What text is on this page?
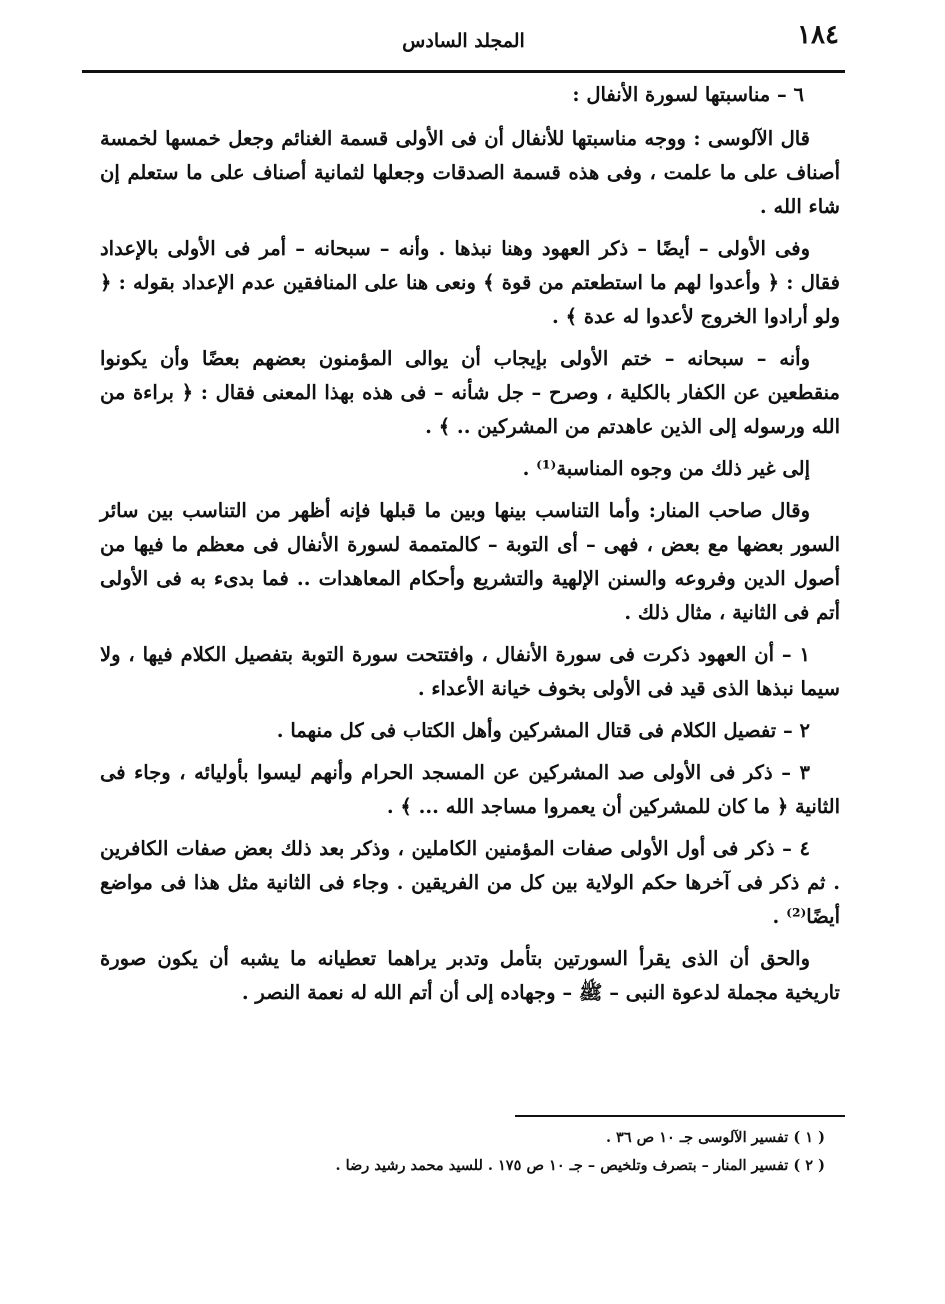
١٨٤
المجلد السادس

٦ – مناسبتها لسورة الأنفال :

قال الآلوسى : ووجه مناسبتها للأنفال أن فى الأولى قسمة الغنائم وجعل خمسها لخمسة أصناف على ما علمت ، وفى هذه قسمة الصدقات وجعلها لثمانية أصناف على ما ستعلم إن شاء الله .

وفى الأولى – أيضًا – ذكر العهود وهنا نبذها . وأنه – سبحانه – أمر فى الأولى بالإعداد فقال : ﴿ وأعدوا لهم ما استطعتم من قوة ﴾ ونعى هنا على المنافقين عدم الإعداد بقوله : ﴿ ولو أرادوا الخروج لأعدوا له عدة ﴾ .

وأنه – سبحانه – ختم الأولى بإيجاب أن يوالى المؤمنون بعضهم بعضًا وأن يكونوا منقطعين عن الكفار بالكلية ، وصرح – جل شأنه – فى هذه بهذا المعنى فقال : ﴿ براءة من الله ورسوله إلى الذين عاهدتم من المشركين .. ﴾ .

إلى غير ذلك من وجوه المناسبة⁽¹⁾ .

وقال صاحب المنار: وأما التناسب بينها وبين ما قبلها فإنه أظهر من التناسب بين سائر السور بعضها مع بعض ، فهى – أى التوبة – كالمتممة لسورة الأنفال فى معظم ما فيها من أصول الدين وفروعه والسنن الإلهية والتشريع وأحكام المعاهدات .. فما بدىء به فى الأولى أتم فى الثانية ، مثال ذلك .

١ – أن العهود ذكرت فى سورة الأنفال ، وافتتحت سورة التوبة بتفصيل الكلام فيها ، ولا سيما نبذها الذى قيد فى الأولى بخوف خيانة الأعداء .

٢ – تفصيل الكلام فى قتال المشركين وأهل الكتاب فى كل منهما .

٣ – ذكر فى الأولى صد المشركين عن المسجد الحرام وأنهم ليسوا بأوليائه ، وجاء فى الثانية ﴿ ما كان للمشركين أن يعمروا مساجد الله ... ﴾ .

٤ – ذكر فى أول الأولى صفات المؤمنين الكاملين ، وذكر بعد ذلك بعض صفات الكافرين . ثم ذكر فى آخرها حكم الولاية بين كل من الفريقين . وجاء فى الثانية مثل هذا فى مواضع أيضًا⁽²⁾ .

والحق أن الذى يقرأ السورتين بتأمل وتدبر يراهما تعطيانه ما يشبه أن يكون صورة تاريخية مجملة لدعوة النبى – ﷺ – وجهاده إلى أن أتم الله له نعمة النصر .

( ١ ) تفسير الآلوسى جـ ١٠ ص ٣٦ .

( ٢ ) تفسير المنار – بتصرف وتلخيص – جـ ١٠ ص ١٧٥ . للسيد محمد رشيد رضا .
